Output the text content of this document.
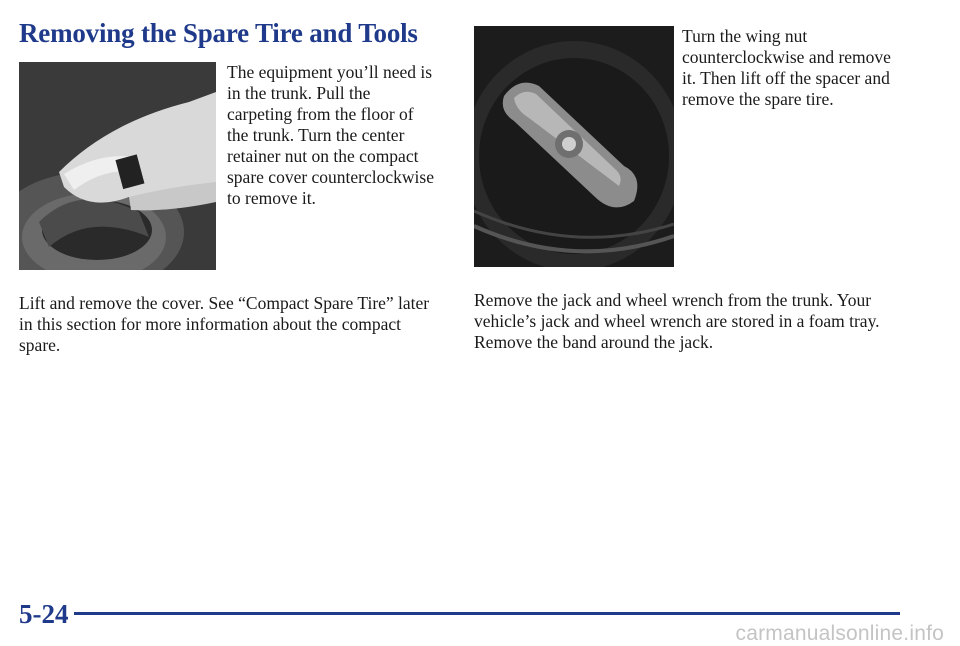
Removing the Spare Tire and Tools

The equipment you’ll need is in the trunk. Pull the carpeting from the floor of the trunk. Turn the center retainer nut on the compact spare cover counterclockwise to remove it.

Turn the wing nut counterclockwise and remove it. Then lift off the spacer and remove the spare tire.

Lift and remove the cover. See “Compact Spare Tire” later in this section for more information about the compact spare.

Remove the jack and wheel wrench from the trunk. Your vehicle’s jack and wheel wrench are stored in a foam tray. Remove the band around the jack.

5-24
carmanualsonline.info
